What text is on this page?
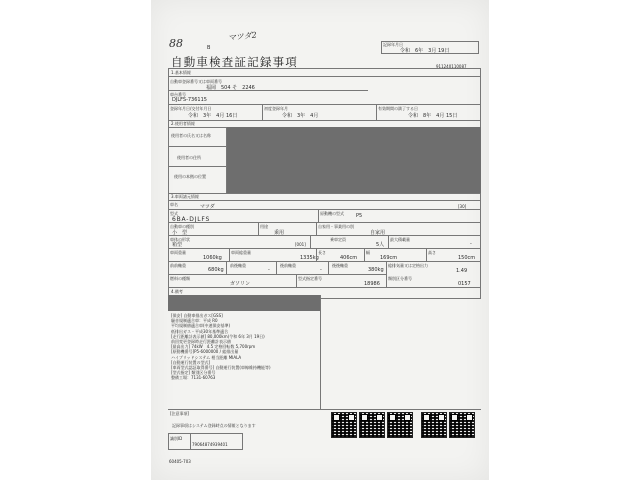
88	B
マツダ2
自動車検査証記録事項
記録年月日
令和　6年　3月 19日
911240110087
1.基本情報
自動車登録番号又は車両番号
福岡　504 そ　2246
車台番号
DJLFS-736115
登録年月日/交付年月日
令和　3年　4月 16日
初度登録年月
令和　3年　4月
有効期間の満了する日
令和　8年　4月 15日
2.使用者情報
使用者の氏名又は名称
使用者の住所
使用の本拠の位置
3.車両諸元情報
車名	マツダ	[30]
型式
6BA-DJLFS
原動機の型式 P5
自動車の種別
小　型
用途
乗用
自家用・事業用の別
自家用
車体の形状
箱型	[001]
乗車定員
5人
最大積載量
-
車両重量
1060kg
車両総重量
1335kg
長さ
406cm
幅
169cm
高さ
150cm
前前軸重
680kg
前後軸重
-
後前軸重
-
後後軸重
380kg
総排気量又は定格出力
1.49
燃料の種類
ガソリン
型式指定番号
18986
類別区分番号
0157
4.備考
[保安] 自動車排出ガス[GSS]
騒音規制適合車：平成 R0
平均規制値適合車(中速保安基準)
低排出ガス・平成30年基準適合
[走行距離計表示値] 80,000km(令和 6年 3月 19日)
前回変更登録時走行距離計表示値
[最高出力] 74kW　4.5 定格回転数 5,700rpm
[原動機番号]P5-6000000 / 総排出量
ハイブリッドシステム 相当距離 MIALA
[自動運行装置の型式]
[車両型式認証取得番号] 自動運行装置(車線維持機能等)
[型式指定] 類別区分番号
整備工場：7131-60763
[注意事項]
記録事項はシステム登録時点の情報となります
識別ID
79064874939401
60405-703
